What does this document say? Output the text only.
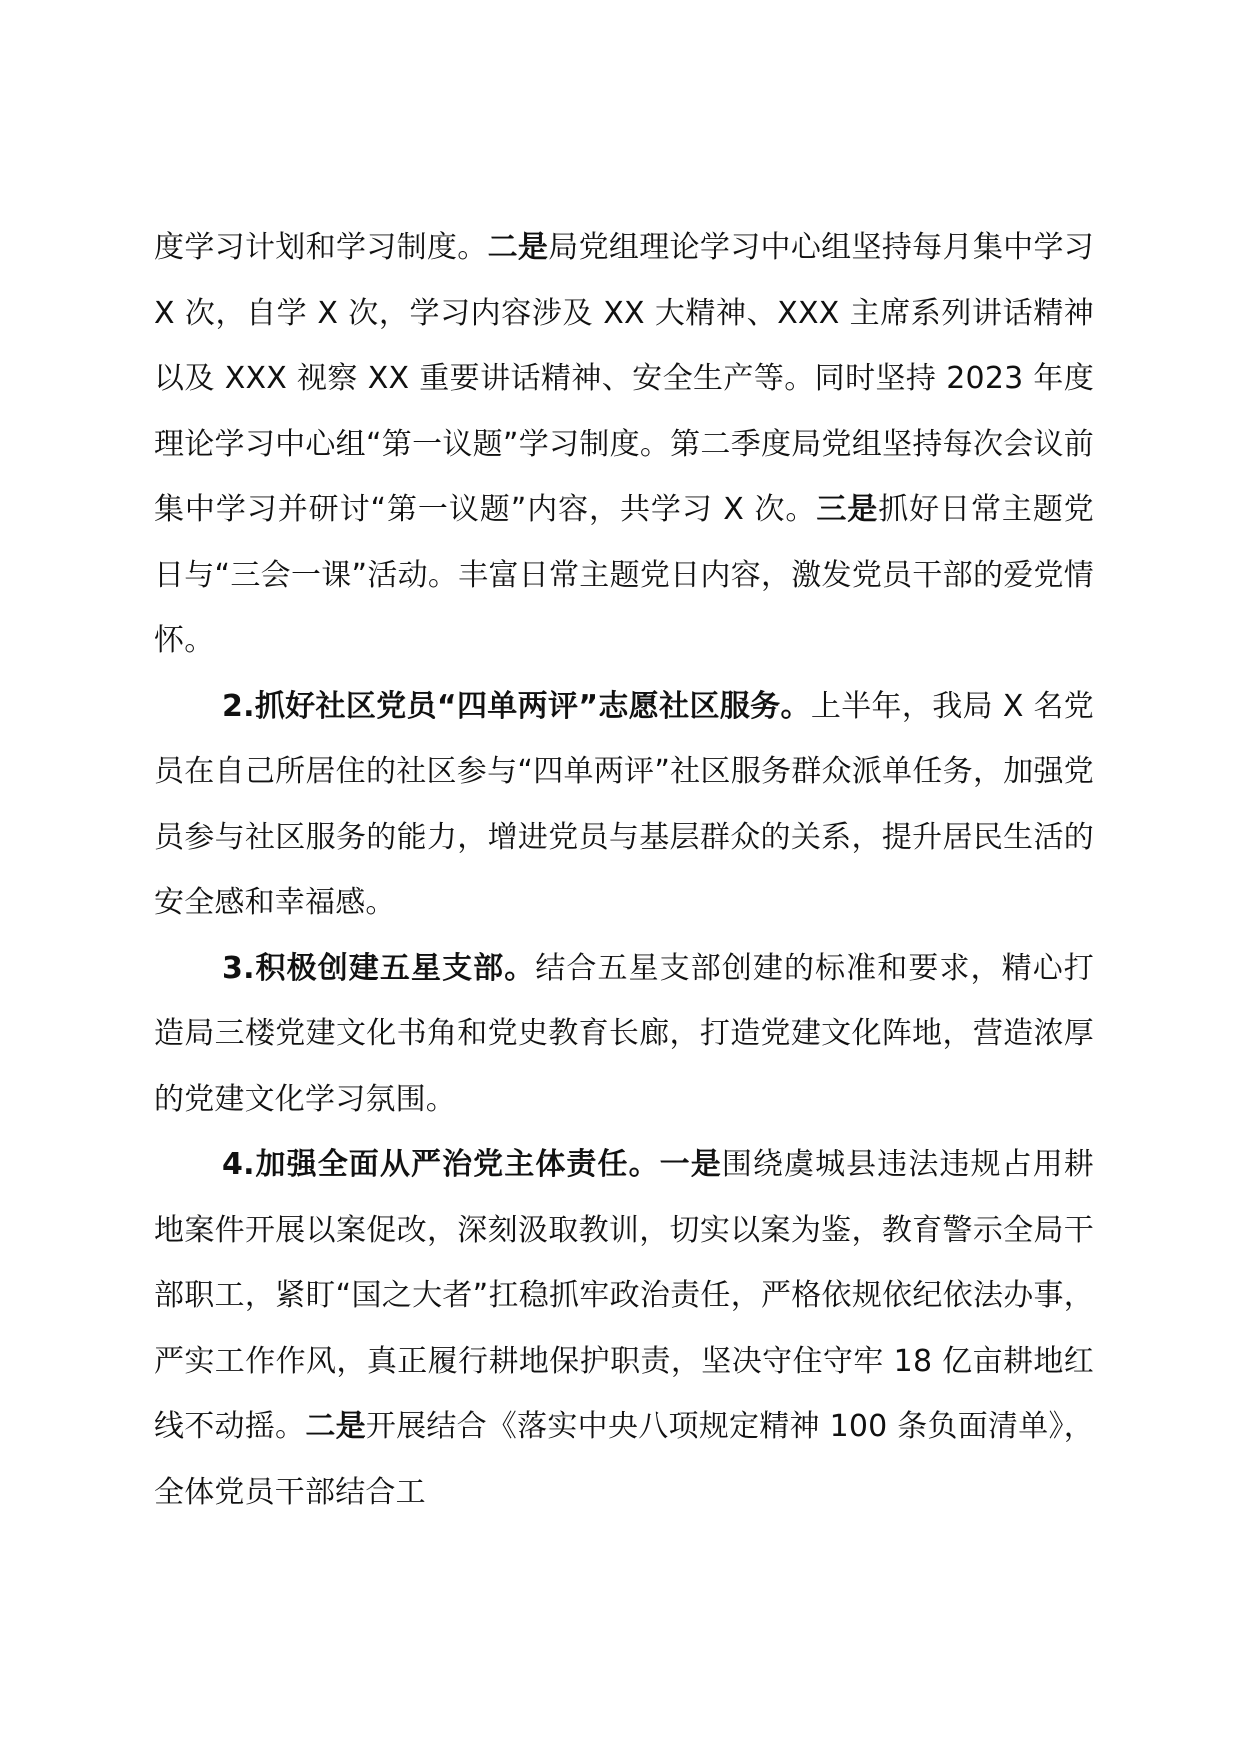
度学习计划和学习制度。二是局党组理论学习中心组坚持每月集中学习 X 次，自学 X 次，学习内容涉及 XX 大精神、XXX 主席系列讲话精神以及 XXX 视察 XX 重要讲话精神、安全生产等。同时坚持 2023 年度理论学习中心组“第一议题”学习制度。第二季度局党组坚持每次会议前集中学习并研讨“第一议题”内容，共学习 X 次。三是抓好日常主题党日与“三会一课”活动。丰富日常主题党日内容，激发党员干部的爱党情怀。

2.抓好社区党员“四单两评”志愿社区服务。上半年，我局 X 名党员在自己所居住的社区参与“四单两评”社区服务群众派单任务，加强党员参与社区服务的能力，增进党员与基层群众的关系，提升居民生活的安全感和幸福感。

3.积极创建五星支部。结合五星支部创建的标准和要求，精心打造局三楼党建文化书角和党史教育长廊，打造党建文化阵地，营造浓厚的党建文化学习氛围。

4.加强全面从严治党主体责任。一是围绕虞城县违法违规占用耕地案件开展以案促改，深刻汲取教训，切实以案为鉴，教育警示全局干部职工，紧盯“国之大者”扛稳抓牢政治责任，严格依规依纪依法办事，严实工作作风，真正履行耕地保护职责，坚决守住守牢 18 亿亩耕地红线不动摇。二是开展结合《落实中央八项规定精神 100 条负面清单》，全体党员干部结合工
